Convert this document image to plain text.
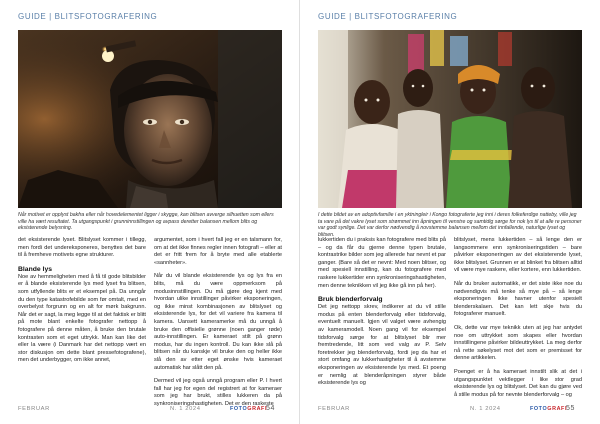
GUIDE | BLITSFOTOGRAFERING
Når motivet er opplyst bakfra eller når hovedelementet ligger i skygge, kan blitsen avverge silhuetten som ellers ville ha vært resultatet. Ta utgangspunkt i grunninnstillingen og avpass deretter balansen mellom blits og eksisterende belysning.

det eksisterende lyset. Blitslyset kommer i tillegg, men fordi det undereksponeres, benyttes det bare til å fremheve motivets egne strukturer.

Blande lys

Noe av hemmeligheten med å få til gode blitsbilder er å blande eksisterende lys med lyset fra blitsen, som utfyllende blits er et eksempel på. Da unngår du den type katastrofebilde som før omtalt, med en overbelyst forgrunn og en alt for mørk bakgrunn. Når det er sagt, la meg legge til at det faktisk er blitt på mote blant enkelte fotografer nettopp å fotografere på denne måten, å bruke den brutale kontrasten som et eget uttrykk. Man kan like det eller la være (i Danmark har det nettopp vært en stor diskusjon om dette blant pressefotografene), men det underbygger, om ikke annet,

argumentet, som i hvert fall jeg er en talsmann for, om at det ikke finnes regler innen fotografi – eller at det er fritt frem for å bryte med alle etablerte «sannheter».

Når du vil blande eksisterende lys og lys fra en blits, må du være oppmerksom på modusinnstillingen. Du må gjøre deg kjent med hvordan ulike innstillinger påvirker eksponeringen, og ikke minst kombinasjonen av blitslyset og eksisterende lys, for det vil variere fra kamera til kamera. Uansett kameramerke må du unngå å bruke den offisielle grønne (noen ganger røde) auto-innstillingen. Er kameraet stilt på grønn modus, har du ingen kontroll. Du kan ikke slå på blitsen når du kanskje vil bruke den og heller ikke slå den av etter eget ønske hvis kameraet automatisk har slått den på.

Dermed vil jeg også unngå program eller P. I hvert fall har jeg for egen del registrert at for kameraer som jeg har brukt, stilles lukkeren da på synkroniseringshastigheten. Det er den raskeste

FEBRUAR	N. 1 2024	FOTOGRAFI
54
GUIDE | BLITSFOTOGRAFERING
I dette bildet av en adoptivfamilie i en yktningleir i Kongo fotograferte jeg inni i deres folkeferdige natteby, ville jeg ta vare på det vakre lyset som strømmet inn åpningen til venstre og samtidig sørge for nok lys til at alle re personer var godt synlige. Det var derfor nødvendig å novstemme balansen mellom det innfallende, naturlige lyset og blitsen.

lukkertiden du i praksis kan fotografere med blits på – og da får du gjerne denne typen brutale, kontrastrike bilder som jeg allerede har nevnt et par ganger. (Bare så det er nevnt: Med noen blitser, og med spesiell innstilling, kan du fotografere med raskere lukkertider enn synkroniseringshastigheten, men denne teknikken vil jeg ikke gå inn på her).

Bruk blenderforvalg

Det jeg nettopp skrev, indikerer at du vil stille modus på enten blenderforvalg eller tidsforvalg, eventuelt manuelt. Igjen vil valget være avhengig av kameramodell. Noen gang vil for eksempel tidsforvalg sørge for at blitslyset blir mer fremtredende, litt som ved valg av P. Selv foretrekker jeg blenderforvalg, fordi jeg da har et stort omfang av lukkerhastigheter til å avstemme eksponeringen av eksisterende lys med. Et poeng er nemlig at blenderåpningen styrer både eksisterende lys og

blitslyset, mens lukkertiden – så lenge den er langsommere enn synkroniseringstiden – bare påvirker eksponeringen av det eksisterende lyset, ikke blitslyset. Grunnen er at blinket fra blitsen alltid vil være mye raskere, eller kortere, enn lukkertiden.

Når du bruker automatikk, er det siste ikke noe du nødvendigvis må tenke så mye på – så lenge eksponeringen ikke havner utenfor spesielt blenderskalaen. Det kan lett skje hvis du fotograferer manuelt.

Ok, dette var mye teknikk uten at jeg har antydet noe om uttrykket som skapes eller hvordan innstillingene påvirker bildeuttrykket. La meg derfor nå rette søkelyset mot det som er premisset for denne artikkelen.

Poenget er å ha kameraet innstilt slik at det i utgangspunktet vektlegger i like stor grad eksisterende lys og blitslyset. Det kan du gjøre ved å stille modus på for nevnte blenderforvalg – og

FEBRUAR	N. 1 2024	FOTOGRAFI
55
